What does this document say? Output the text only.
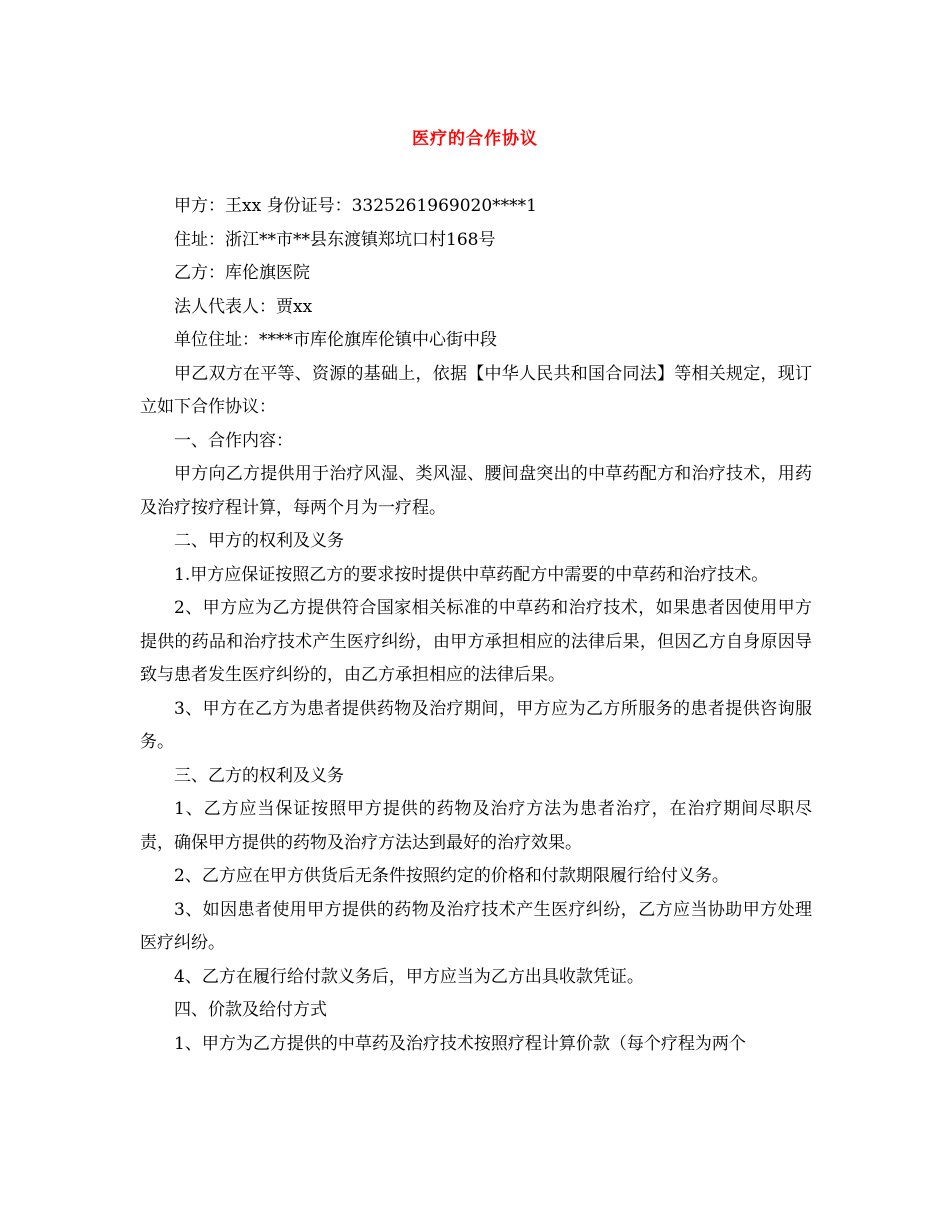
医疗的合作协议

甲方：王xx 身份证号：3325261969020****1

住址：浙江**市**县东渡镇郑坑口村168号

乙方：库伦旗医院

法人代表人：贾xx

单位住址：****市库伦旗库伦镇中心街中段

甲乙双方在平等、资源的基础上，依据【中华人民共和国合同法】等相关规定，现订立如下合作协议：

一、合作内容：

甲方向乙方提供用于治疗风湿、类风湿、腰间盘突出的中草药配方和治疗技术，用药及治疗按疗程计算，每两个月为一疗程。

二、甲方的权利及义务

1.甲方应保证按照乙方的要求按时提供中草药配方中需要的中草药和治疗技术。

2、甲方应为乙方提供符合国家相关标准的中草药和治疗技术，如果患者因使用甲方提供的药品和治疗技术产生医疗纠纷，由甲方承担相应的法律后果，但因乙方自身原因导致与患者发生医疗纠纷的，由乙方承担相应的法律后果。

3、甲方在乙方为患者提供药物及治疗期间，甲方应为乙方所服务的患者提供咨询服务。

三、乙方的权利及义务

1、乙方应当保证按照甲方提供的药物及治疗方法为患者治疗，在治疗期间尽职尽责，确保甲方提供的药物及治疗方法达到最好的治疗效果。

2、乙方应在甲方供货后无条件按照约定的价格和付款期限履行给付义务。

3、如因患者使用甲方提供的药物及治疗技术产生医疗纠纷，乙方应当协助甲方处理医疗纠纷。

4、乙方在履行给付款义务后，甲方应当为乙方出具收款凭证。

四、价款及给付方式

1、甲方为乙方提供的中草药及治疗技术按照疗程计算价款（每个疗程为两个
